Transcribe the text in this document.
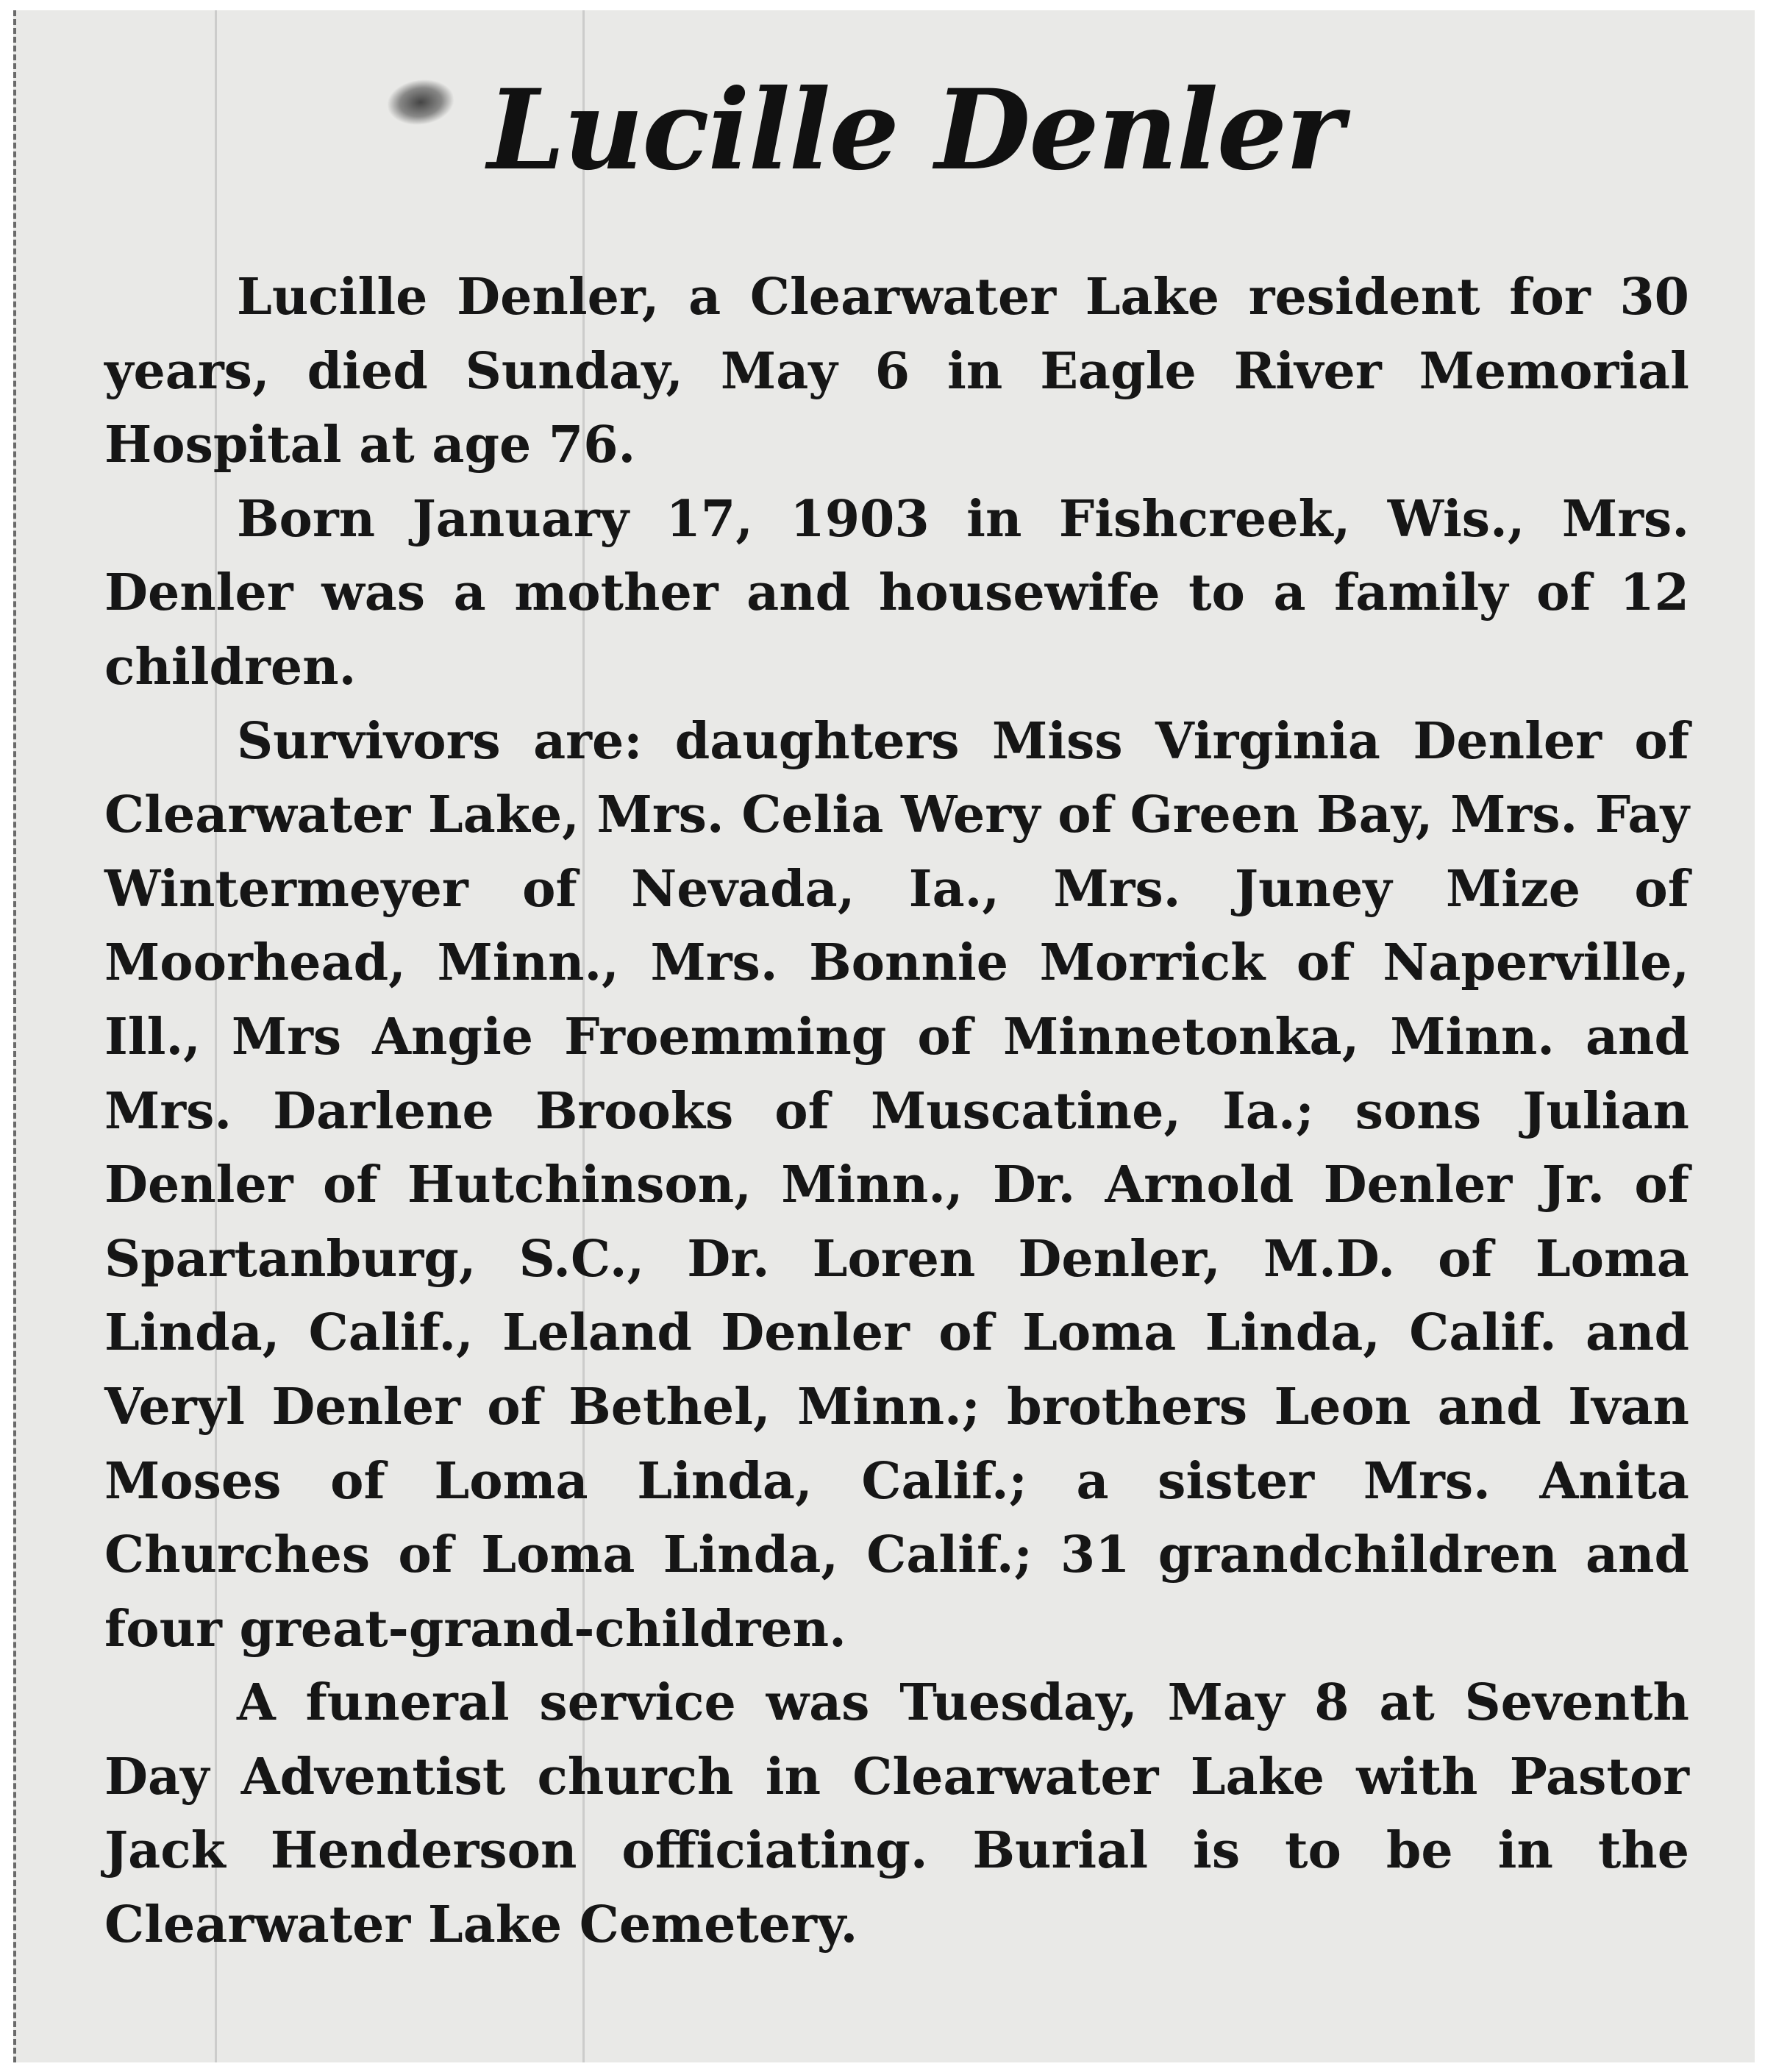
Lucille Denler

Lucille Denler, a Clearwater Lake resident for 30 years, died Sunday, May 6 in Eagle River Memorial Hospital at age 76.

Born January 17, 1903 in Fishcreek, Wis., Mrs. Denler was a mother and housewife to a family of 12 children.

Survivors are: daughters Miss Virginia Denler of Clearwater Lake, Mrs. Celia Wery of Green Bay, Mrs. Fay Wintermeyer of Nevada, Ia., Mrs. Juney Mize of Moorhead, Minn., Mrs. Bonnie Morrick of Naperville, Ill., Mrs Angie Froemming of Minnetonka, Minn. and Mrs. Darlene Brooks of Muscatine, Ia.; sons Julian Denler of Hutchinson, Minn., Dr. Arnold Denler Jr. of Spartanburg, S.C., Dr. Loren Denler, M.D. of Loma Linda, Calif., Leland Denler of Loma Linda, Calif. and Veryl Denler of Bethel, Minn.; brothers Leon and Ivan Moses of Loma Linda, Calif.; a sister Mrs. Anita Churches of Loma Linda, Calif.; 31 grandchildren and four great-grand-children.

A funeral service was Tuesday, May 8 at Seventh Day Adventist church in Clearwater Lake with Pastor Jack Henderson officiating. Burial is to be in the Clearwater Lake Cemetery.
